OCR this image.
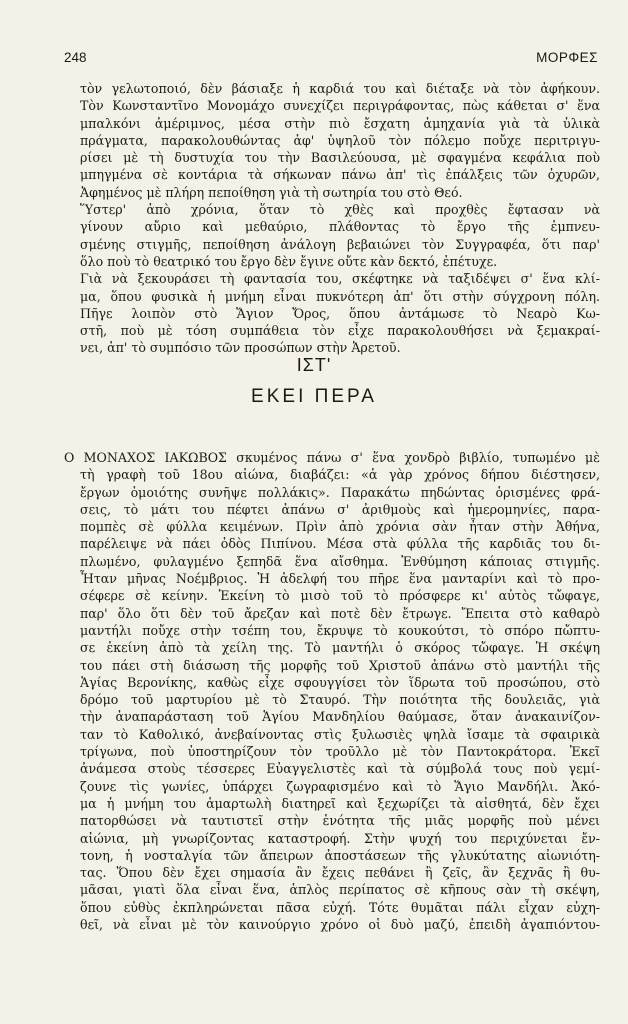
248	ΜΟΡΦΕΣ
τὸν γελωτοποιό, δὲν βάσιαξε ἡ καρδιά του καὶ διέταξε νὰ τὸν ἀφήκουν.
Τὸν Κωνσταντῖνο Μονομάχο συνεχίζει περιγράφοντας, πὼς κάθεται σ' ἕνα
μπαλκόνι ἀμέριμνος, μέσα στὴν πιὸ ἔσχατη ἀμηχανία γιὰ τὰ ὑλικὰ
πράγματα, παρακολουθώντας ἀφ' ὑψηλοῦ τὸν πόλεμο ποὔχε περιτριγυ-
ρίσει μὲ τὴ δυστυχία του τὴν Βασιλεύουσα, μὲ σφαγμένα κεφάλια ποὺ
μπηγμένα σὲ κοντάρια τὰ σήκωναν πάνω ἀπ' τὶς ἐπάλξεις τῶν ὀχυρῶν,
Ἀφημένος μὲ πλήρη πεποίθηση γιὰ τὴ σωτηρία του στὸ Θεό.
Ὕστερ' ἀπὸ χρόνια, ὅταν τὸ χθὲς καὶ προχθὲς ἔφτασαν νὰ
γίνουν αὔριο καὶ μεθαύριο, πλάθοντας τὸ ἔργο τῆς ἐμπνευ-
σμένης στιγμῆς, πεποίθηση ἀνάλογη βεβαιώνει τὸν Συγγραφέα, ὅτι παρ'
ὅλο ποὺ τὸ θεατρικό του ἔργο δὲν ἔγινε οὔτε κὰν δεκτό, ἐπέτυχε.
Γιὰ νὰ ξεκουράσει τὴ φαντασία του, σκέφτηκε νὰ ταξιδέψει σ' ἕνα κλί-
μα, ὅπου φυσικὰ ἡ μνήμη εἶναι πυκνότερη ἀπ' ὅτι στὴν σύγχρονη πόλη.
Πῆγε λοιπὸν στὸ Ἅγιον Ὄρος, ὅπου ἀντάμωσε τὸ Νεαρὸ Κω-
στῆ, ποὺ μὲ τόση συμπάθεια τὸν εἶχε παρακολουθήσει νὰ ξεμακραί-
νει, ἀπ' τὸ συμπόσιο τῶν προσώπων στὴν Ἀρετοῦ.
ΙΣΤ'
ΕΚΕΙ ΠΕΡΑ
Ο ΜΟΝΑΧΟΣ ΙΑΚΩΒΟΣ σκυμένος πάνω σ' ἕνα χονδρὸ βιβλίο, τυπωμένο μὲ
τὴ γραφὴ τοῦ 18ου αἰώνα, διαβάζει: «ἀ γὰρ χρόνος δήπου διέστησεν,
ἔργων ὁμοιότης συνῆψε πολλάκις». Παρακάτω πηδώντας ὁρισμένες φρά-
σεις, τὸ μάτι του πέφτει ἀπάνω σ' ἀριθμοὺς καὶ ἡμερομηνίες, παρα-
πομπὲς σὲ φύλλα κειμένων. Πρὶν ἀπὸ χρόνια σὰν ἦταν στὴν Ἀθήνα,
παρέλειψε νὰ πάει ὁδὸς Πιπίνου. Μέσα στὰ φύλλα τῆς καρδιᾶς του δι-
πλωμένο, φυλαγμένο ξεπηδᾶ ἕνα αἴσθημα. Ἐνθύμηση κάποιας στιγμῆς.
Ἦταν μῆνας Νοέμβριος. Ἡ ἀδελφή του πῆρε ἕνα μανταρίνι καὶ τὸ προ-
σέφερε σὲ κείνην. Ἐκείνη τὸ μισὸ τοῦ τὸ πρόσφερε κι' αὐτὸς τὤφαγε,
παρ' ὅλο ὅτι δὲν τοῦ ἄρεζαν καὶ ποτὲ δὲν ἔτρωγε. Ἔπειτα στὸ καθαρὸ
μαντήλι ποὔχε στὴν τσέπη του, ἔκρυψε τὸ κουκούτσι, τὸ σπόρο πὤπτυ-
σε ἐκείνη ἀπὸ τὰ χείλη της. Τὸ μαντήλι ὁ σκόρος τὤφαγε. Ἡ σκέψη
του πάει στὴ διάσωση τῆς μορφῆς τοῦ Χριστοῦ ἀπάνω στὸ μαντήλι τῆς
Ἁγίας Βερονίκης, καθὼς εἶχε σφουγγίσει τὸν ἵδρωτα τοῦ προσώπου, στὸ
δρόμο τοῦ μαρτυρίου μὲ τὸ Σταυρό. Τὴν ποιότητα τῆς δουλειᾶς, γιὰ
τὴν ἀναπαράσταση τοῦ Ἁγίου Μανδηλίου θαύμασε, ὅταν ἀνακαινίζον-
ταν τὸ Καθολικό, ἀνεβαίνοντας στὶς ξυλωσιὲς ψηλὰ ἴσαμε τὰ σφαιρικὰ
τρίγωνα, ποὺ ὑποστηρίζουν τὸν τροῦλλο μὲ τὸν Παντοκράτορα. Ἐκεῖ
ἀνάμεσα στοὺς τέσσερες Εὐαγγελιστὲς καὶ τὰ σύμβολά τους ποὺ γεμί-
ζουνε τὶς γωνίες, ὑπάρχει ζωγραφισμένο καὶ τὸ Ἅγιο Μανδήλι. Ἀκό-
μα ἡ μνήμη του ἁμαρτωλὴ διατηρεῖ καὶ ξεχωρίζει τὰ αἰσθητά, δὲν ἔχει
πατορθώσει νὰ ταυτιστεῖ στὴν ἑνότητα τῆς μιᾶς μορφῆς ποὺ μένει
αἰώνια, μὴ γνωρίζοντας καταστροφή. Στὴν ψυχή του περιχύνεται ἔν-
τονη, ἡ νοσταλγία τῶν ἄπειρων ἀποστάσεων τῆς γλυκύτατης αἰωνιότη-
τας. Ὅπου δὲν ἔχει σημασία ἂν ἔχεις πεθάνει ἢ ζεῖς, ἂν ξεχνᾶς ἢ θυ-
μᾶσαι, γιατὶ ὅλα εἶναι ἕνα, ἁπλὸς περίπατος σὲ κῆπους σὰν τὴ σκέψη,
ὅπου εὐθὺς ἐκπληρώνεται πᾶσα εὐχή. Τότε θυμᾶται πάλι εἶχαν εὐχη-
θεῖ, νὰ εἶναι μὲ τὸν καινούργιο χρόνο οἱ δυὸ μαζύ, ἐπειδὴ ἀγαπιόντου-
